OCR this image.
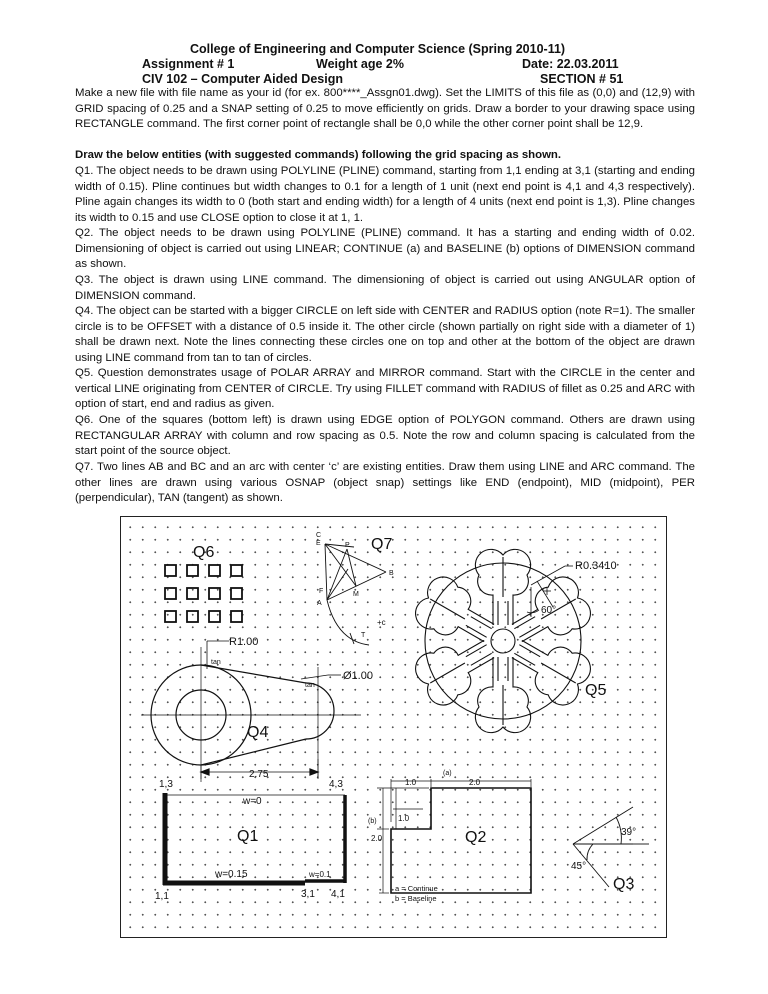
College of Engineering and Computer Science (Spring 2010-11)
Assignment # 1	Weight age 2%	Date: 22.03.2011
CIV 102 – Computer Aided Design	SECTION # 51

Make a new file with file name as your id (for ex. 800****_Assgn01.dwg). Set the LIMITS of this file as (0,0) and (12,9) with GRID spacing of 0.25 and a SNAP setting of 0.25 to move efficiently on grids. Draw a border to your drawing space using RECTANGLE command. The first corner point of rectangle shall be 0,0 while the other corner point shall be 12,9.

Draw the below entities (with suggested commands) following the grid spacing as shown.

Q1. The object needs to be drawn using POLYLINE (PLINE) command, starting from 1,1 ending at 3,1 (starting and ending width of 0.15). Pline continues but width changes to 0.1 for a length of 1 unit (next end point is 4,1 and 4,3 respectively). Pline again changes its width to 0 (both start and ending width) for a length of 4 units (next end point is 1,3). Pline changes its width to 0.15 and use CLOSE option to close it at 1, 1.

Q2. The object needs to be drawn using POLYLINE (PLINE) command. It has a starting and ending width of 0.02. Dimensioning of object is carried out using LINEAR; CONTINUE (a) and BASELINE (b) options of DIMENSION command as shown.

Q3. The object is drawn using LINE command. The dimensioning of object is carried out using ANGULAR option of DIMENSION command.

Q4. The object can be started with a bigger CIRCLE on left side with CENTER and RADIUS option (note R=1). The smaller circle is to be OFFSET with a distance of 0.5 inside it. The other circle (shown partially on right side with a diameter of 1) shall be drawn next. Note the lines connecting these circles one on top and other at the bottom of the object are drawn using LINE command from tan to tan of circles.

Q5. Question demonstrates usage of POLAR ARRAY and MIRROR command. Start with the CIRCLE in the center and vertical LINE originating from CENTER of CIRCLE. Try using FILLET command with RADIUS of fillet as 0.25 and ARC with option of start, end and radius as given.

Q6. One of the squares (bottom left) is drawn using EDGE option of POLYGON command. Others are drawn using RECTANGULAR ARRAY with column and row spacing as 0.5. Note the row and column spacing is calculated from the start point of the source object.

Q7. Two lines AB and BC and an arc with center ‘c’ are existing entities. Draw them using LINE and ARC command. The other lines are drawn using various OSNAP (object snap) settings like END (endpoint), MID (midpoint), PER (perpendicular), TAN (tangent) as shown.

Q6	Q7
C
E	P
B
M
F
A
T
+c
R0.3410
60°
Q5
R1.00
tan
tan
Ø1.00
Q4
2.75
1,3	4,3
1,1	3,1 4,1
w=0
w=0.15	w=0.1
Q1
1.0	2.0
1.0
2.0
(a)
(b)
Q2
a = Continue
b = Baseline
39°
45°
Q3
